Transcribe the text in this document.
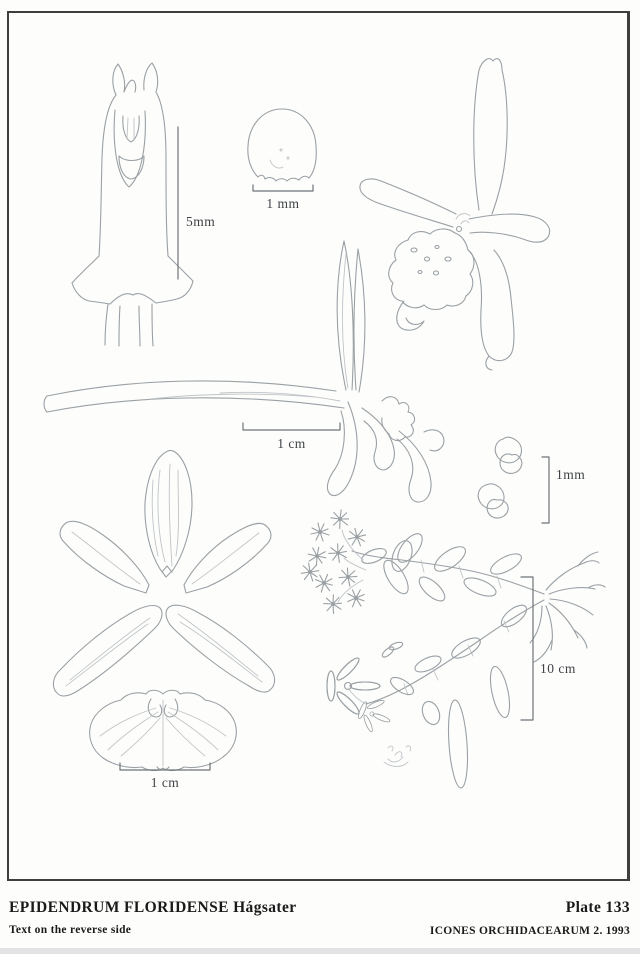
5mm
1 mm
1 cm
1mm
10 cm
1 cm
EPIDENDRUM FLORIDENSE Hágsater
Text on the reverse side
Plate 133
ICONES ORCHIDACEARUM 2. 1993
